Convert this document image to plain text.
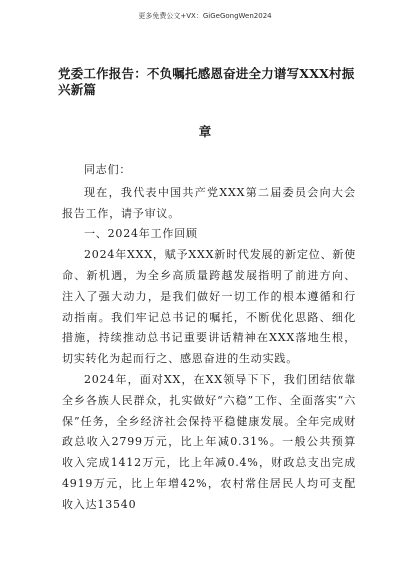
更多免费公文+VX：GiGeGongWen2024
党委工作报告：不负嘱托感恩奋进全力谱写XXX村振兴新篇
章

同志们：

现在，我代表中国共产党XXX第二届委员会向大会报告工作，请予审议。

一、2024年工作回顾

2024年XXX，赋予XXX新时代发展的新定位、新使命、新机遇，为全乡高质量跨越发展指明了前进方向、注入了强大动力，是我们做好一切工作的根本遵循和行动指南。我们牢记总书记的嘱托，不断优化思路、细化措施，持续推动总书记重要讲话精神在XXX落地生根，切实转化为起而行之、感恩奋进的生动实践。

2024年，面对XX，在XX领导下下，我们团结依靠全乡各族人民群众，扎实做好“六稳”工作、全面落实“六保”任务，全乡经济社会保持平稳健康发展。全年完成财政总收入2799万元，比上年减0.31%。一般公共预算收入完成1412万元，比上年减0.4%，财政总支出完成4919万元，比上年增42%，农村常住居民人均可支配收入达13540
